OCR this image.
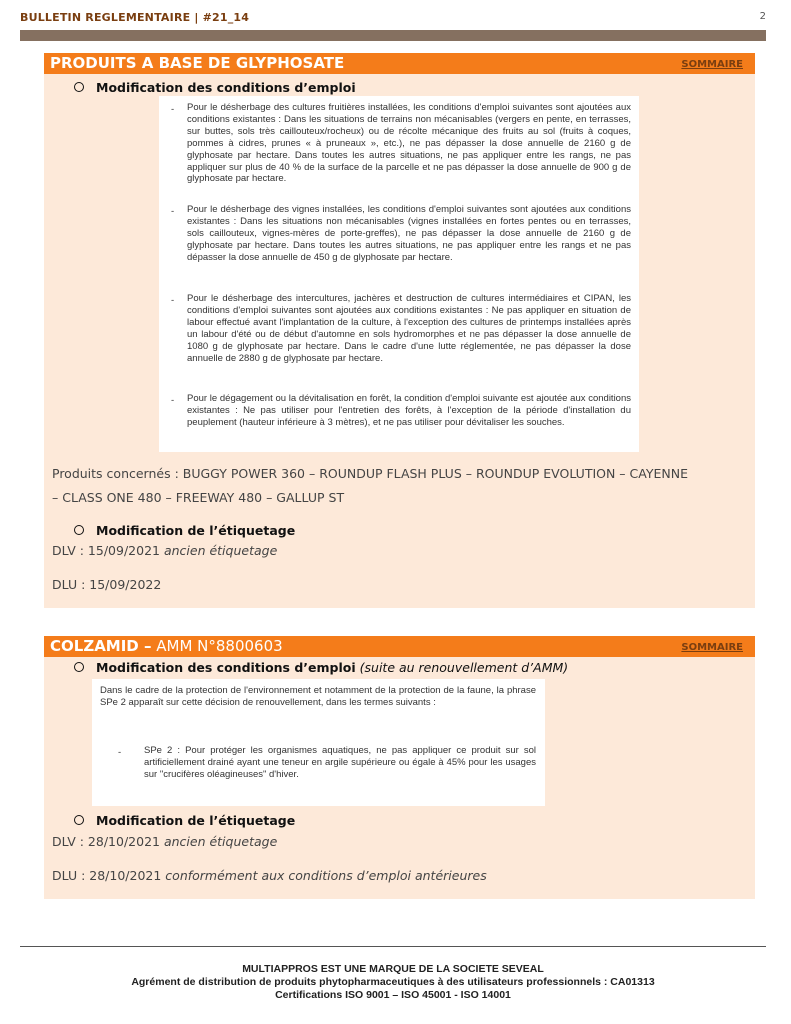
BULLETIN REGLEMENTAIRE | #21_14	2
PRODUITS A BASE DE GLYPHOSATE	SOMMAIRE
Modification des conditions d’emploi
- Pour le désherbage des cultures fruitières installées, les conditions d'emploi suivantes sont ajoutées aux conditions existantes : Dans les situations de terrains non mécanisables (vergers en pente, en terrasses, sur buttes, sols très caillouteux/rocheux) ou de récolte mécanique des fruits au sol (fruits à coques, pommes à cidres, prunes « à pruneaux », etc.), ne pas dépasser la dose annuelle de 2160 g de glyphosate par hectare. Dans toutes les autres situations, ne pas appliquer entre les rangs, ne pas appliquer sur plus de 40 % de la surface de la parcelle et ne pas dépasser la dose annuelle de 900 g de glyphosate par hectare.

- Pour le désherbage des vignes installées, les conditions d'emploi suivantes sont ajoutées aux conditions existantes : Dans les situations non mécanisables (vignes installées en fortes pentes ou en terrasses, sols caillouteux, vignes-mères de porte-greffes), ne pas dépasser la dose annuelle de 2160 g de glyphosate par hectare. Dans toutes les autres situations, ne pas appliquer entre les rangs et ne pas dépasser la dose annuelle de 450 g de glyphosate par hectare.

- Pour le désherbage des intercultures, jachères et destruction de cultures intermédiaires et CIPAN, les conditions d'emploi suivantes sont ajoutées aux conditions existantes : Ne pas appliquer en situation de labour effectué avant l'implantation de la culture, à l'exception des cultures de printemps installées après un labour d'été ou de début d'automne en sols hydromorphes et ne pas dépasser la dose annuelle de 1080 g de glyphosate par hectare. Dans le cadre d'une lutte réglementée, ne pas dépasser la dose annuelle de 2880 g de glyphosate par hectare.

- Pour le dégagement ou la dévitalisation en forêt, la condition d'emploi suivante est ajoutée aux conditions existantes : Ne pas utiliser pour l'entretien des forêts, à l'exception de la période d'installation du peuplement (hauteur inférieure à 3 mètres), et ne pas utiliser pour dévitaliser les souches.

Produits concernés : BUGGY POWER 360 – ROUNDUP FLASH PLUS – ROUNDUP EVOLUTION – CAYENNE
– CLASS ONE 480 – FREEWAY 480 – GALLUP ST
Modification de l’étiquetage
DLV : 15/09/2021 ancien étiquetage
DLU : 15/09/2022
COLZAMID – AMM N°8800603	SOMMAIRE
Modification des conditions d’emploi (suite au renouvellement d’AMM)

Dans le cadre de la protection de l'environnement et notamment de la protection de la faune, la phrase SPe 2 apparaît sur cette décision de renouvellement, dans les termes suivants :

- SPe 2 : Pour protéger les organismes aquatiques, ne pas appliquer ce produit sur sol artificiellement drainé ayant une teneur en argile supérieure ou égale à 45% pour les usages sur "crucifères oléagineuses" d'hiver.

Modification de l’étiquetage
DLV : 28/10/2021 ancien étiquetage
DLU : 28/10/2021 conformément aux conditions d’emploi antérieures
MULTIAPPROS EST UNE MARQUE DE LA SOCIETE SEVEAL
Agrément de distribution de produits phytopharmaceutiques à des utilisateurs professionnels : CA01313
Certifications ISO 9001 – ISO 45001 - ISO 14001
